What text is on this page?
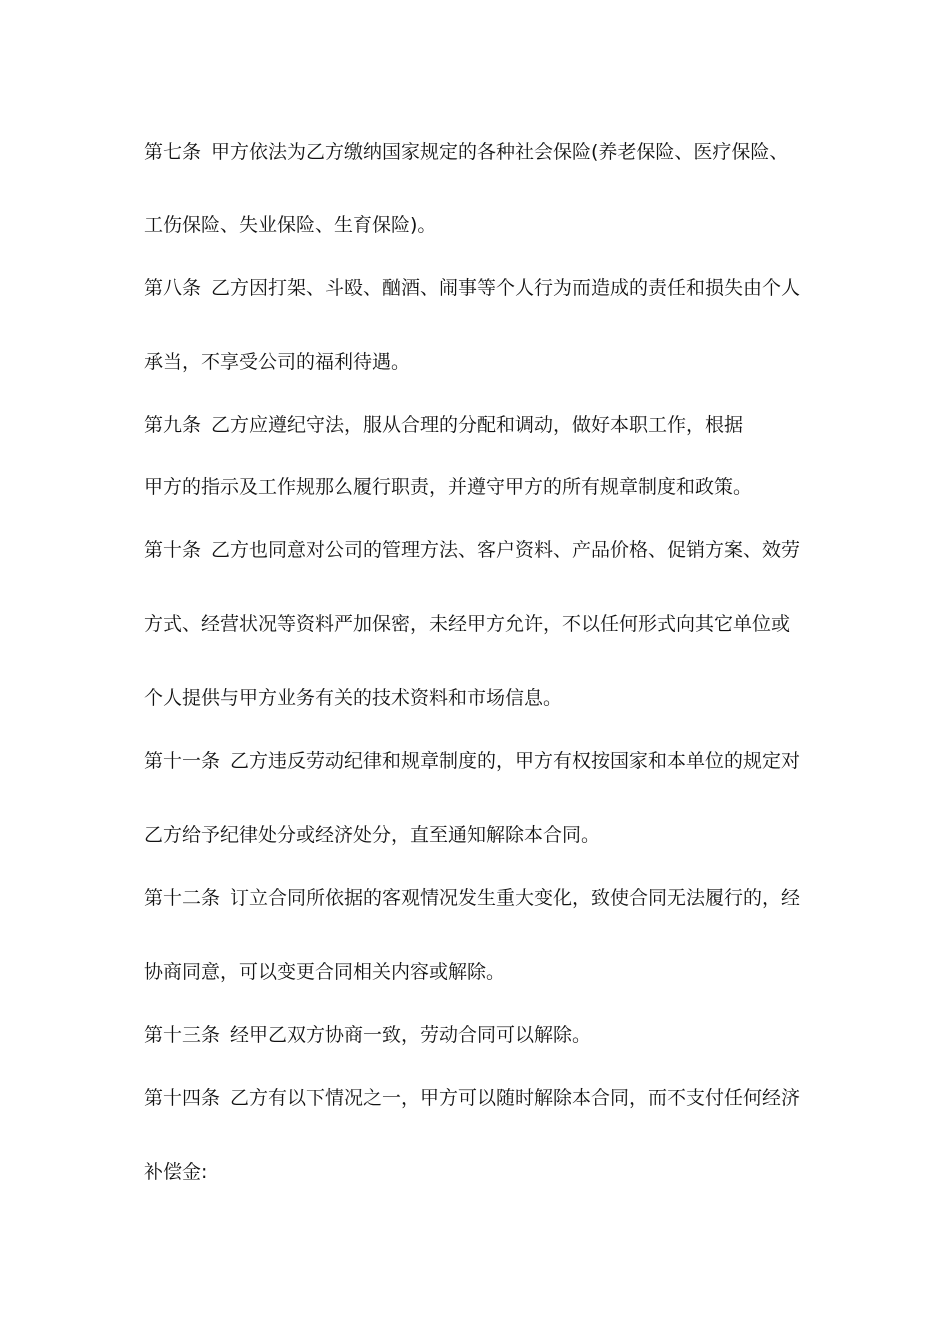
第七条 甲方依法为乙方缴纳国家规定的各种社会保险(养老保险、医疗保险、
工伤保险、失业保险、生育保险)。
第八条 乙方因打架、斗殴、酗酒、闹事等个人行为而造成的责任和损失由个人
承当，不享受公司的福利待遇。
第九条 乙方应遵纪守法，服从合理的分配和调动，做好本职工作，根据
甲方的指示及工作规那么履行职责，并遵守甲方的所有规章制度和政策。
第十条 乙方也同意对公司的管理方法、客户资料、产品价格、促销方案、效劳
方式、经营状况等资料严加保密，未经甲方允许，不以任何形式向其它单位或
个人提供与甲方业务有关的技术资料和市场信息。
第十一条 乙方违反劳动纪律和规章制度的，甲方有权按国家和本单位的规定对
乙方给予纪律处分或经济处分，直至通知解除本合同。
第十二条 订立合同所依据的客观情况发生重大变化，致使合同无法履行的，经
协商同意，可以变更合同相关内容或解除。
第十三条 经甲乙双方协商一致，劳动合同可以解除。
第十四条 乙方有以下情况之一，甲方可以随时解除本合同，而不支付任何经济
补偿金:
